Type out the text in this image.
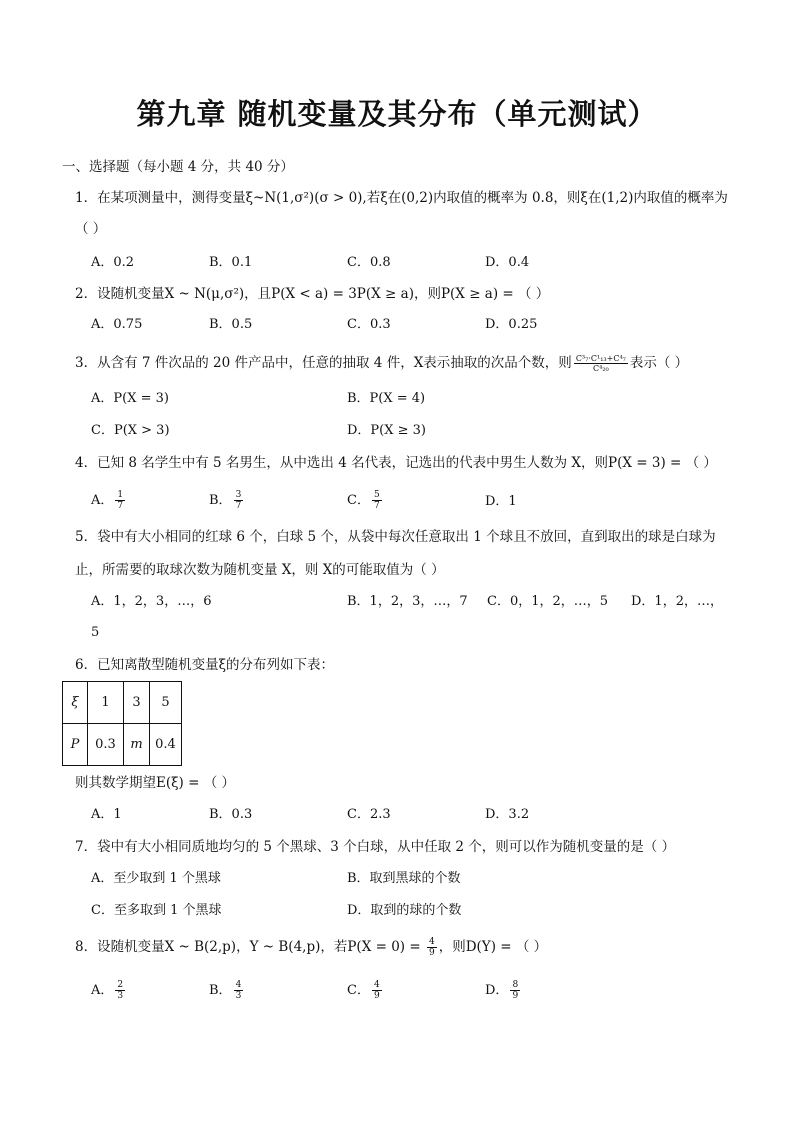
第九章 随机变量及其分布（单元测试）
一、选择题（每小题 4 分，共 40 分）
1．在某项测量中，测得变量ξ~N(1,σ²)(σ > 0),若ξ在(0,2)内取值的概率为 0.8，则ξ在(1,2)内取值的概率为
（ ）
A．0.2	B．0.1	C．0.8	D．0.4
2．设随机变量X ~ N(μ,σ²)，且P(X < a) = 3P(X ≥ a)，则P(X ≥ a) = （ ）
A．0.75	B．0.5	C．0.3	D．0.25
3．从含有 7 件次品的 20 件产品中，任意的抽取 4 件，X表示抽取的次品个数，则 $\frac{\text{C³₇·C¹₁₃+C⁴₇}}{\text{C⁴₂₀}}$ 表示（ ）
A．P(X = 3)	B．P(X = 4)
C．P(X > 3)	D．P(X ≥ 3)
4．已知 8 名学生中有 5 名男生，从中选出 4 名代表，记选出的代表中男生人数为 X，则P(X = 3) = （ ）
A． $\frac{1}{7}$	B． $\frac{3}{7}$	C． $\frac{5}{7}$	D．1
5．袋中有大小相同的红球 6 个，白球 5 个，从袋中每次任意取出 1 个球且不放回，直到取出的球是白球为
止，所需要的取球次数为随机变量 X，则 X的可能取值为（ ）
A．1，2，3，…，6	B．1，2，3，…，7 C．0，1，2，…，5 D．1，2，…，
5
6．已知离散型随机变量ξ的分布列如下表：
ξ	1	3	5
P	0.3	m	0.4
则其数学期望E(ξ) = （ ）
A．1	B．0.3	C．2.3	D．3.2
7．袋中有大小相同质地均匀的 5 个黑球、3 个白球，从中任取 2 个，则可以作为随机变量的是（ ）
A．至少取到 1 个黑球	B．取到黑球的个数
C．至多取到 1 个黑球	D．取到的球的个数
8．设随机变量X ~ B(2,p)，Y ~ B(4,p)，若$P(X = 0) = \frac{4}{9}$ ，则D(Y) = （ ）
A． $\frac{2}{3}$	B． $\frac{4}{3}$	C． $\frac{4}{9}$	D． $\frac{8}{9}$
